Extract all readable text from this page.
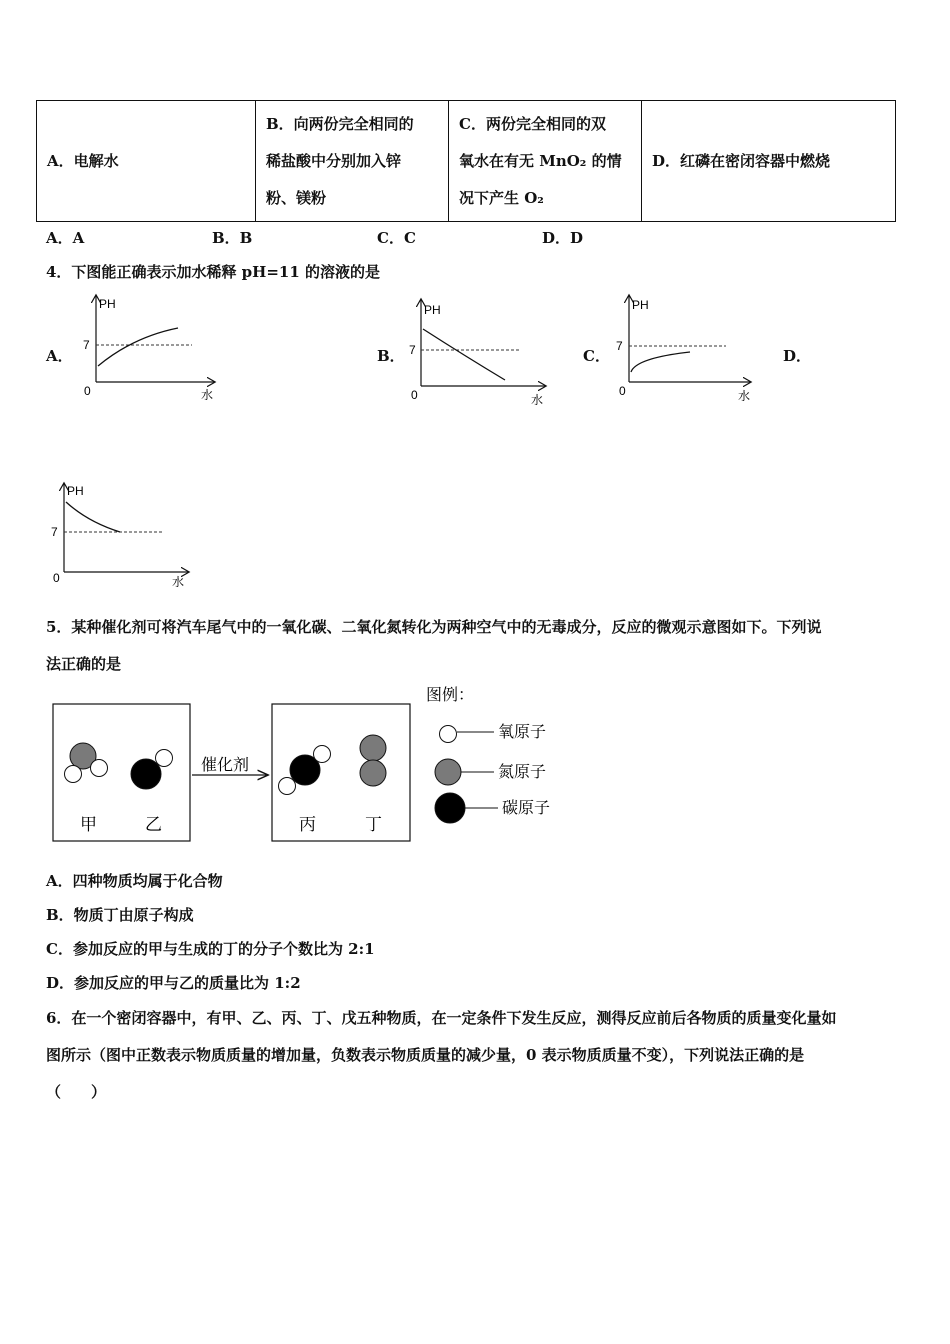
A．电解水	
B．向两份完全相同的
稀盐酸中分别加入锌
粉、镁粉

C．两份完全相同的双
氧水在有无 MnO₂ 的情
况下产生 O₂
	D．红磷在密闭容器中燃烧
A．A	B．B	C．C	D．D
4．下图能正确表示加水稀释 pH=11 的溶液的是
A．	B．	C．	D．
PH
7
0	水
PH
7
0	水
PH
7
0	水
PH
7
0	水
5．某种催化剂可将汽车尾气中的一氧化碳、二氧化氮转化为两种空气中的无毒成分，反应的微观示意图如下。下列说
法正确的是
甲	乙
催化剂
丙	丁
图例：
氧原子
氮原子
碳原子
A．四种物质均属于化合物
B．物质丁由原子构成
C．参加反应的甲与生成的丁的分子个数比为 2:1
D．参加反应的甲与乙的质量比为 1:2
6．在一个密闭容器中，有甲、乙、丙、丁、戊五种物质，在一定条件下发生反应，测得反应前后各物质的质量变化量如
图所示（图中正数表示物质质量的增加量，负数表示物质质量的减少量，0 表示物质质量不变），下列说法正确的是
（　　）
